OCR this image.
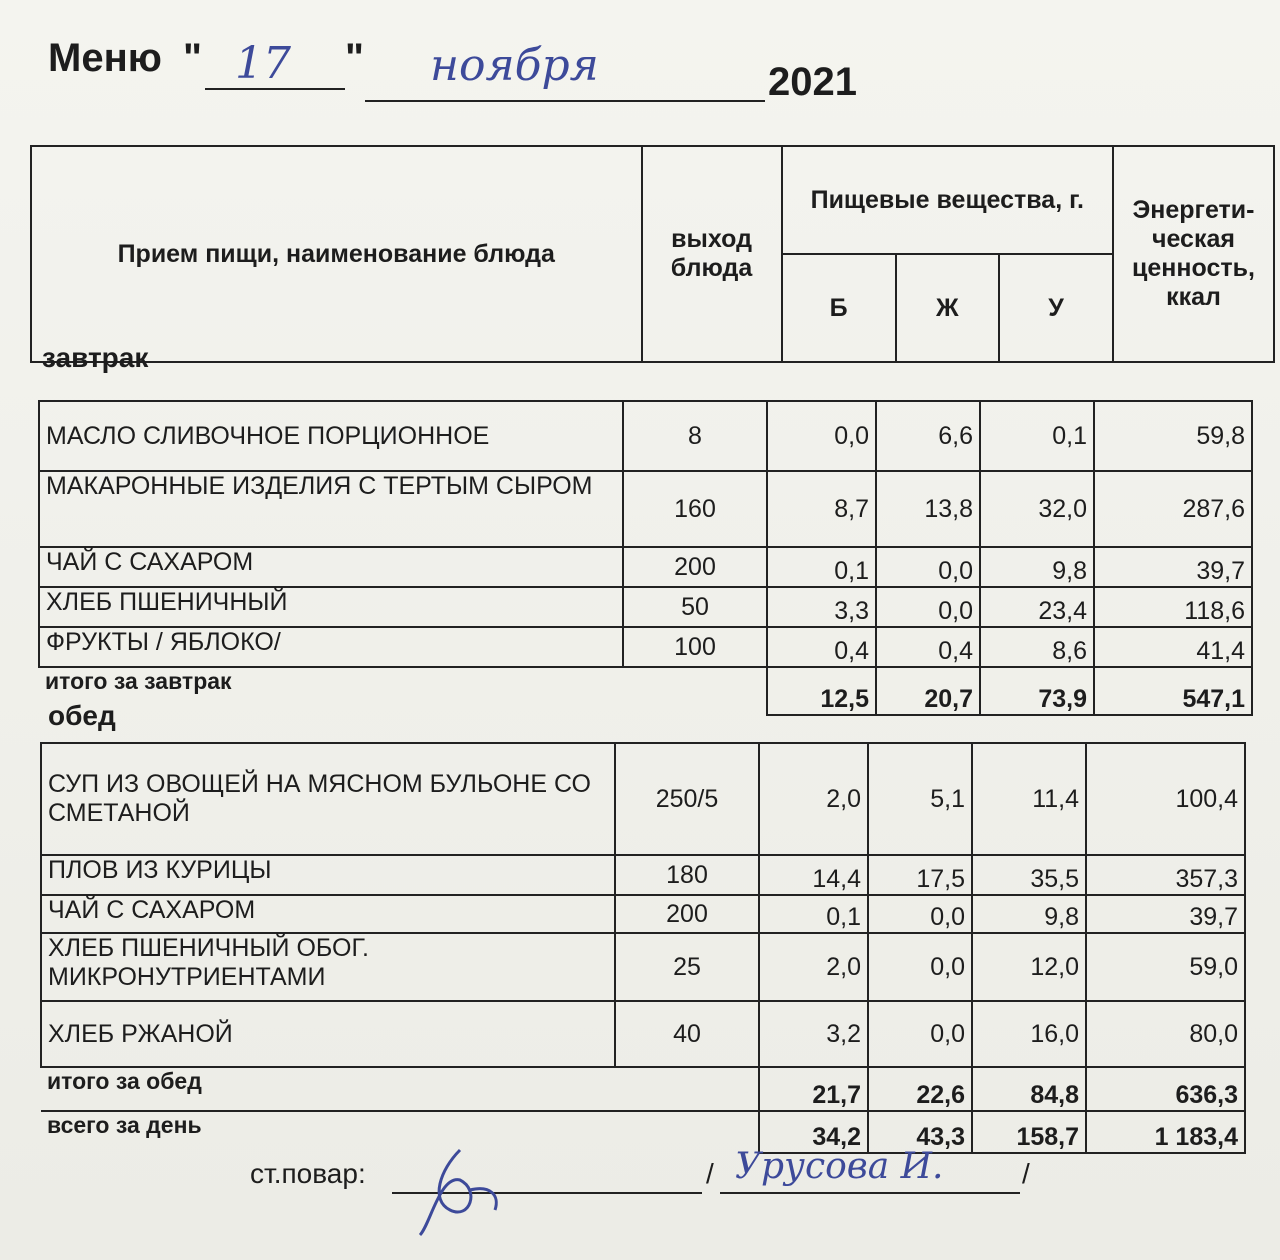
Меню " 17 " ноября	2021
Прием пищи, наименование блюда	выход блюда	Пищевые вещества, г.			Энергети-ческая ценность, ккал
		Б	Ж	У	
завтрак
МАСЛО СЛИВОЧНОЕ ПОРЦИОННОЕ	8	0,0	6,6	0,1	59,8
МАКАРОННЫЕ ИЗДЕЛИЯ С ТЕРТЫМ СЫРОМ	160	8,7	13,8	32,0	287,6
ЧАЙ С САХАРОМ	200	0,1	0,0	9,8	39,7
ХЛЕБ ПШЕНИЧНЫЙ	50	3,3	0,0	23,4	118,6
ФРУКТЫ / ЯБЛОКО/	100	0,4	0,4	8,6	41,4
итого за завтрак		12,5	20,7	73,9	547,1
обед
СУП ИЗ ОВОЩЕЙ НА МЯСНОМ БУЛЬОНЕ СО СМЕТАНОЙ	250/5	2,0	5,1	11,4	100,4
ПЛОВ ИЗ КУРИЦЫ	180	14,4	17,5	35,5	357,3
ЧАЙ С САХАРОМ	200	0,1	0,0	9,8	39,7
ХЛЕБ ПШЕНИЧНЫЙ ОБОГ. МИКРОНУТРИЕНТАМИ	25	2,0	0,0	12,0	59,0
ХЛЕБ РЖАНОЙ	40	3,2	0,0	16,0	80,0
итого за обед		21,7	22,6	84,8	636,3
всего за день		34,2	43,3	158,7	1 183,4
ст.повар:	/ Урусова И.	/
